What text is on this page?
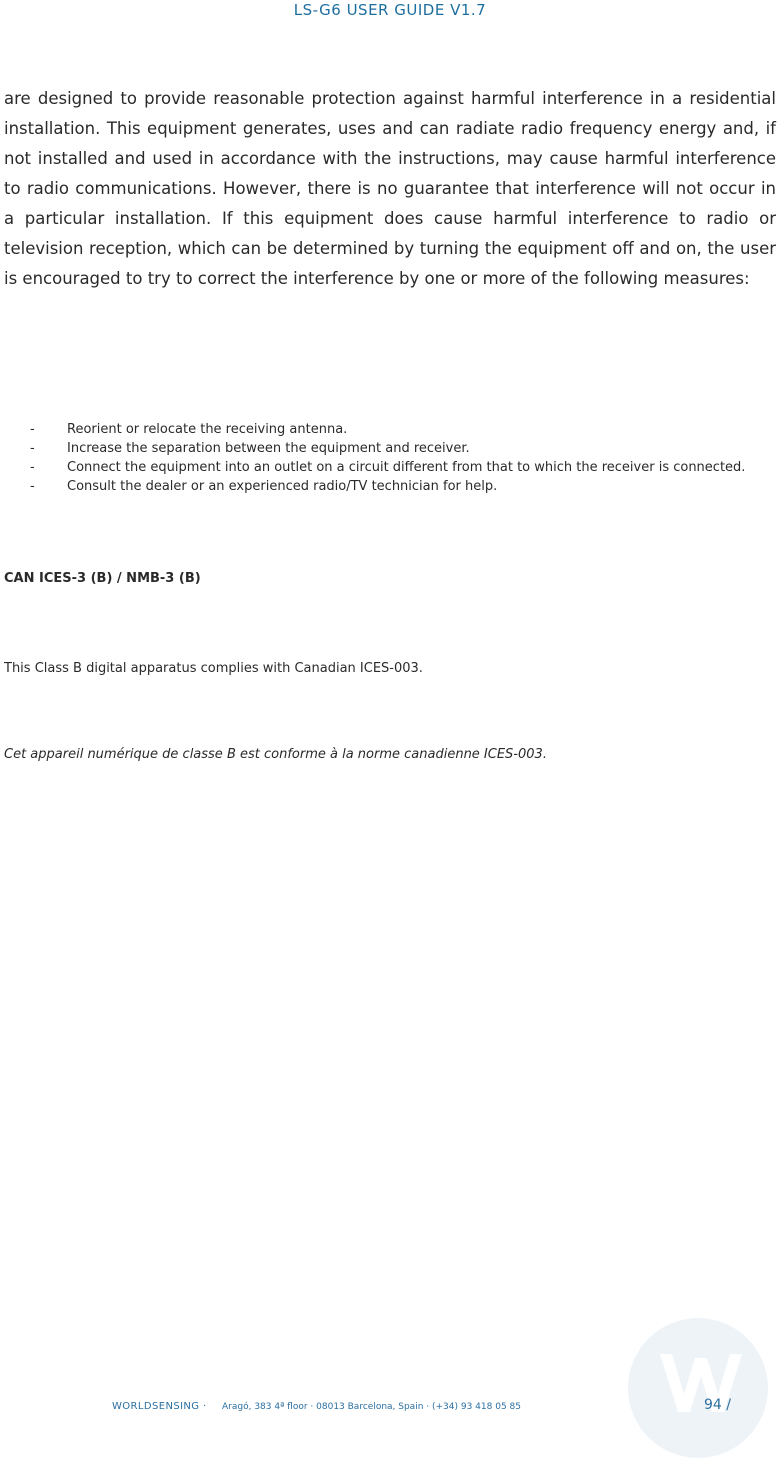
LS-G6 USER GUIDE V1.7
are designed to provide reasonable protection against harmful interference in a residential installation. This equipment generates, uses and can radiate radio frequency energy and, if not installed and used in accordance with the instructions, may cause harmful interference to radio communications. However, there is no guarantee that interference will not occur in a particular installation. If this equipment does cause harmful interference to radio or television reception, which can be determined by turning the equipment off and on, the user is encouraged to try to correct the interference by one or more of the following measures:
- Reorient or relocate the receiving antenna.
- Increase the separation between the equipment and receiver.
- Connect the equipment into an outlet on a circuit different from that to which the receiver is connected.
- Consult the dealer or an experienced radio/TV technician for help.
CAN ICES-3 (B) / NMB-3 (B)
This Class B digital apparatus complies with Canadian ICES-003.
Cet appareil numérique de classe B est conforme à la norme canadienne ICES-003.
WORLDSENSING · Aragó, 383 4ª floor · 08013 Barcelona, Spain · (+34) 93 418 05 85	94 /
